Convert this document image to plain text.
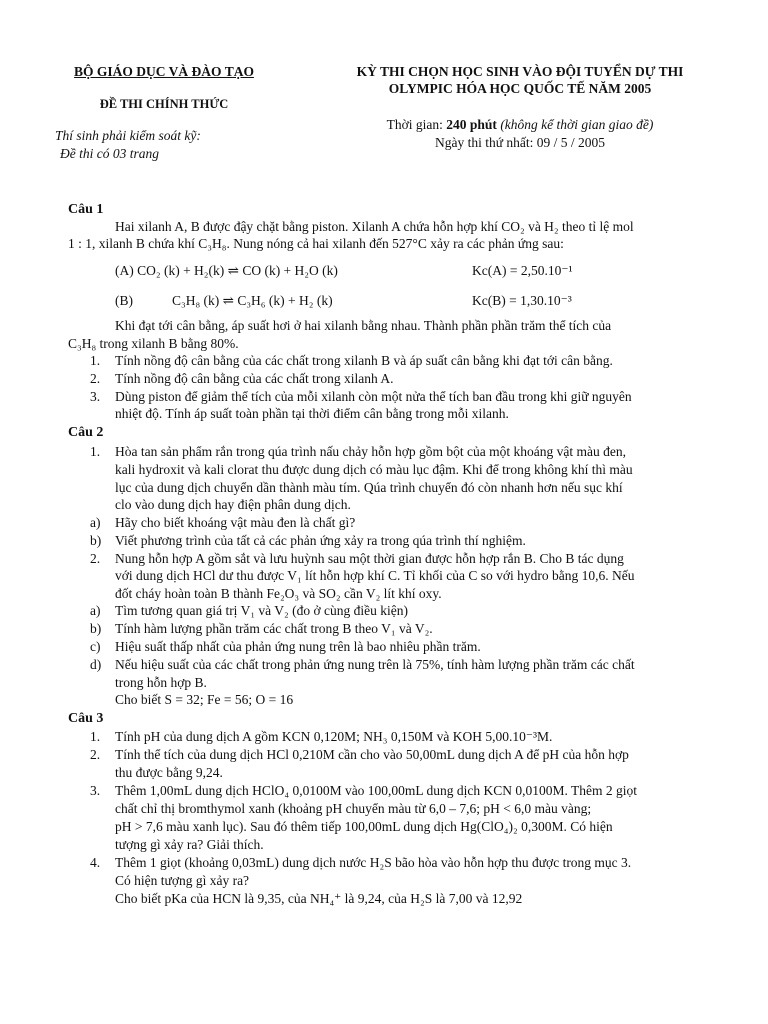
BỘ GIÁO DỤC VÀ ĐÀO TẠO
ĐỀ THI CHÍNH THỨC
Thí sinh phải kiểm soát kỹ:
Đề thi có 03 trang
KỲ THI CHỌN HỌC SINH VÀO ĐỘI TUYỂN DỰ THI
OLYMPIC HÓA HỌC QUỐC TẾ NĂM 2005
Thời gian: 240 phút (không kể thời gian giao đề)
Ngày thi thứ nhất: 09 / 5 / 2005
Câu 1
Hai xilanh A, B được đậy chặt bằng piston. Xilanh A chứa hỗn hợp khí CO₂ và H₂ theo tỉ lệ mol
1 : 1, xilanh B chứa khí C₃H₈. Nung nóng cả hai xilanh đến 527°C xảy ra các phản ứng sau:
(A) CO₂ (k) + H₂(k) ⇌ CO (k) + H₂O (k)	Kc(A) = 2,50.10⁻¹
(B)	C₃H₈ (k) ⇌ C₃H₆ (k) + H₂ (k)	Kc(B) = 1,30.10⁻³
Khi đạt tới cân bằng, áp suất hơi ở hai xilanh bằng nhau. Thành phần phần trăm thể tích của
C₃H₈ trong xilanh B bằng 80%.
1. Tính nồng độ cân bằng của các chất trong xilanh B và áp suất cân bằng khi đạt tới cân bằng.
2. Tính nồng độ cân bằng của các chất trong xilanh A.
3. Dùng piston để giảm thể tích của mỗi xilanh còn một nửa thể tích ban đầu trong khi giữ nguyên
nhiệt độ. Tính áp suất toàn phần tại thời điểm cân bằng trong mỗi xilanh.
Câu 2
1. Hòa tan sản phẩm rắn trong qúa trình nấu chảy hỗn hợp gồm bột của một khoáng vật màu đen,
kali hydroxit và kali clorat thu được dung dịch có màu lục đậm. Khi để trong không khí thì màu
lục của dung dịch chuyển dần thành màu tím. Qúa trình chuyển đó còn nhanh hơn nếu sục khí
clo vào dung dịch hay điện phân dung dịch.
a) Hãy cho biết khoáng vật màu đen là chất gì?
b) Viết phương trình của tất cả các phản ứng xảy ra trong qúa trình thí nghiệm.
2. Nung hỗn hợp A gồm sắt và lưu huỳnh sau một thời gian được hỗn hợp rắn B. Cho B tác dụng
với dung dịch HCl dư thu được V₁ lít hỗn hợp khí C. Tỉ khối của C so với hydro bằng 10,6. Nếu
đốt cháy hoàn toàn B thành Fe₂O₃ và SO₂ cần V₂ lít khí oxy.
a) Tìm tương quan giá trị V₁ và V₂ (đo ở cùng điều kiện)
b) Tính hàm lượng phần trăm các chất trong B theo V₁ và V₂.
c) Hiệu suất thấp nhất của phản ứng nung trên là bao nhiêu phần trăm.
d) Nếu hiệu suất của các chất trong phản ứng nung trên là 75%, tính hàm lượng phần trăm các chất
trong hỗn hợp B.
Cho biết S = 32; Fe = 56; O = 16
Câu 3
1. Tính pH của dung dịch A gồm KCN 0,120M; NH₃ 0,150M và KOH 5,00.10⁻³M.
2. Tính thể tích của dung dịch HCl 0,210M cần cho vào 50,00mL dung dịch A để pH của hỗn hợp
thu được bằng 9,24.
3. Thêm 1,00mL dung dịch HClO₄ 0,0100M vào 100,00mL dung dịch KCN 0,0100M. Thêm 2 giọt
chất chỉ thị bromthymol xanh (khoảng pH chuyển màu từ 6,0 – 7,6; pH < 6,0 màu vàng;
pH > 7,6 màu xanh lục). Sau đó thêm tiếp 100,00mL dung dịch Hg(ClO₄)₂ 0,300M. Có hiện
tượng gì xảy ra? Giải thích.
4. Thêm 1 giọt (khoảng 0,03mL) dung dịch nước H₂S bão hòa vào hỗn hợp thu được trong mục 3.
Có hiện tượng gì xảy ra?
Cho biết pKa của HCN là 9,35, của NH₄⁺ là 9,24, của H₂S là 7,00 và 12,92
